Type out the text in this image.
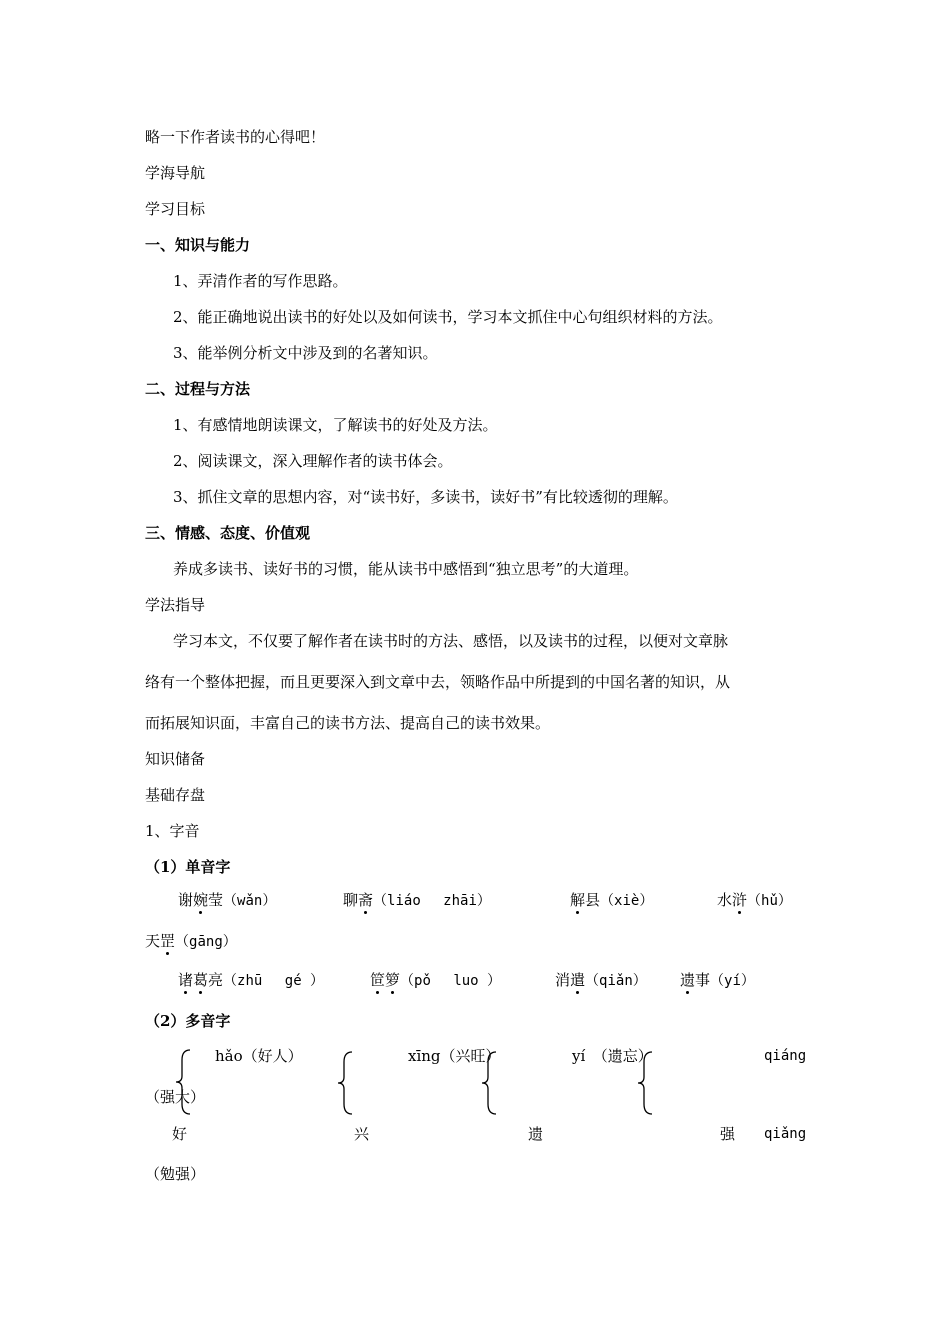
略一下作者读书的心得吧！
学海导航
学习目标
一、知识与能力
1、弄清作者的写作思路。
2、能正确地说出读书的好处以及如何读书，学习本文抓住中心句组织材料的方法。
3、能举例分析文中涉及到的名著知识。
二、过程与方法
1、有感情地朗读课文，了解读书的好处及方法。
2、阅读课文，深入理解作者的读书体会。
3、抓住文章的思想内容，对“读书好，多读书，读好书”有比较透彻的理解。
三、情感、态度、价值观
养成多读书、读好书的习惯，能从读书中感悟到“独立思考”的大道理。
学法指导
学习本文，不仅要了解作者在读书时的方法、感悟，以及读书的过程，以便对文章脉
络有一个整体把握，而且更要深入到文章中去，领略作品中所提到的中国名著的知识，从
而拓展知识面，丰富自己的读书方法、提高自己的读书效果。
知识储备
基础存盘
1、字音
（1）单音字
谢婉莹（wǎn）	聊斋（liáo　 zhāi）	解县（xiè）	水浒（hǔ）
天罡（gāng）
诸葛亮（zhū　 gé ）	笸箩（pǒ　 luo ）	消遣（qiǎn） 遗事（yí）
（2）多音字
hǎo（好人）	xīng（兴旺）	yí　（遗忘）	qiáng
（强大）
好	兴	遗	强 qiǎng
（勉强）
